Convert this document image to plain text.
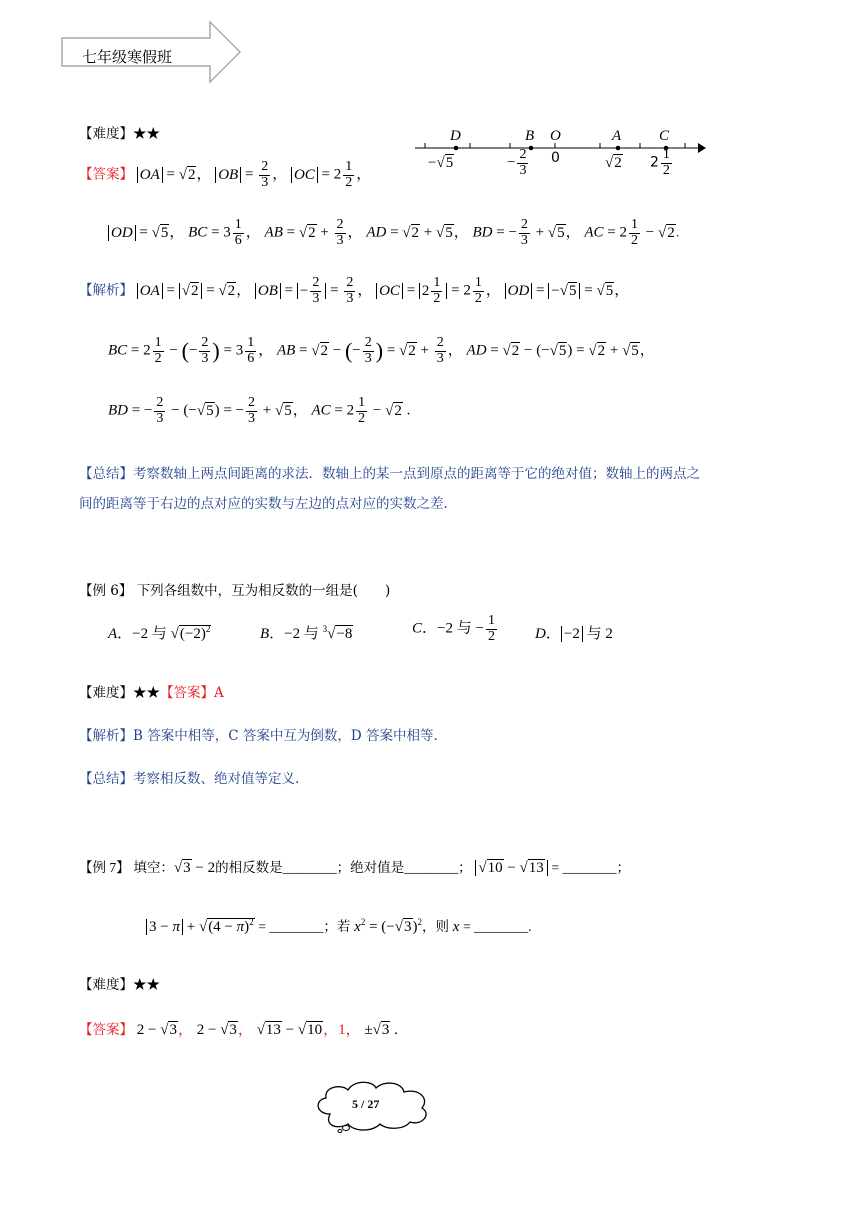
七年级寒假班
【难度】★★	D	B O	A	C
−√5	− $\frac{2}{3} 0$	√2 $2 \frac{1}{2}$
【答案】 OA = √2， OB = $\frac{2}{3}$ ， OC = $2 \frac{1}{2}$ ，
OD = √5， BC = $3 \frac{1}{6}$ ， AB = $√2 + \frac{2}{3}$ ， AD = √2 + √5， BD = − $\frac{2}{3} + √5$， AC = $2 \frac{1}{2} - √2$.
【解析】 OA = √2 = √2， OB = − $\frac{2}{3} = \frac{2}{3}$ ， OC = $2 \frac{1}{2} = 2 \frac{1}{2}$ ， OD = −√5 = √5，
BC = $2 \frac{1}{2}$ − (− $\frac{2}{3}$ ) = $3 \frac{1}{6}$ ， AB = √2 − (− $\frac{2}{3}$ ) = $√2 + \frac{2}{3}$ ， AD = √2 − (−√5) = √2 + √5，
BD = − $\frac{2}{3} - (-√5)$ = − $\frac{2}{3} + √5$， AC = $2 \frac{1}{2} - √2$ .
【总结】考察数轴上两点间距离的求法．数轴上的某一点到原点的距离等于它的绝对值；数轴上的两点之
间的距离等于右边的点对应的实数与左边的点对应的实数之差.
【例 6】 下列各组数中，互为相反数的一组是(　　)
A．−2 与 $√(-2)^2$	B．−2 与 $^3$√−8	C．−2 与 − $\frac{1}{2}$	D． −2 与 2
【难度】★★【答案】A
【解析】B 答案中相等，C 答案中互为倒数，D 答案中相等.
【总结】考察相反数、绝对值等定义.
【例 7】 填空：√3 − 2的相反数是________；绝对值是________； √10 − √13 = ________；
$3 - \pi + √(4 - \pi)^2$ = ________；若 $x^2 = (-√3)^2$，则 x = ________.
【难度】★★
【答案】 2 − √3， 2 − √3， √13 − √10，1， ±√3 .
5 / 27
